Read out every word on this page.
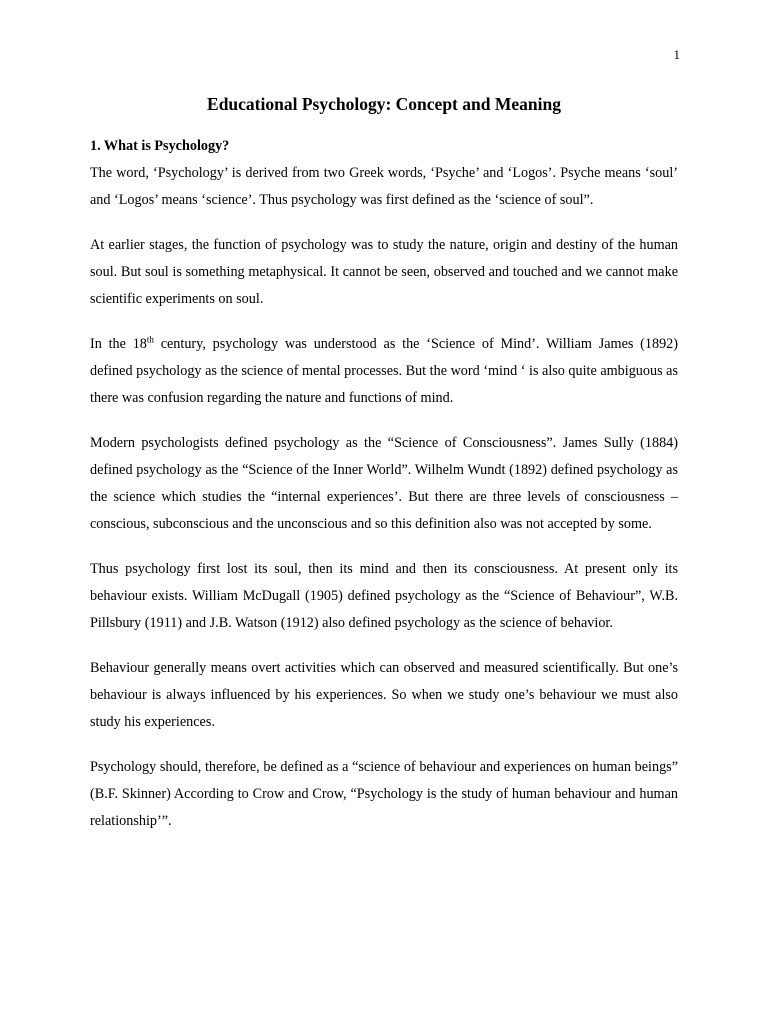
1
Educational Psychology: Concept and Meaning

1. What is Psychology?

The word, ‘Psychology’ is derived from two Greek words, ‘Psyche’ and ‘Logos’. Psyche means ‘soul’ and ‘Logos’ means ‘science’. Thus psychology was first defined as the ‘science of soul”.

At earlier stages, the function of psychology was to study the nature, origin and destiny of the human soul. But soul is something metaphysical. It cannot be seen, observed and touched and we cannot make scientific experiments on soul.

In the 18th century, psychology was understood as the ‘Science of Mind’. William James (1892) defined psychology as the science of mental processes. But the word ‘mind ‘ is also quite ambiguous as there was confusion regarding the nature and functions of mind.

Modern psychologists defined psychology as the “Science of Consciousness”. James Sully (1884) defined psychology as the “Science of the Inner World”. Wilhelm Wundt (1892) defined psychology as the science which studies the “internal experiences’. But there are three levels of consciousness – conscious, subconscious and the unconscious and so this definition also was not accepted by some.

Thus psychology first lost its soul, then its mind and then its consciousness. At present only its behaviour exists. William McDugall (1905) defined psychology as the “Science of Behaviour”, W.B. Pillsbury (1911) and J.B. Watson (1912) also defined psychology as the science of behavior.

Behaviour generally means overt activities which can observed and measured scientifically. But one’s behaviour is always influenced by his experiences. So when we study one’s behaviour we must also study his experiences.

Psychology should, therefore, be defined as a “science of behaviour and experiences on human beings” (B.F. Skinner) According to Crow and Crow, “Psychology is the study of human behaviour and human relationship’”.
